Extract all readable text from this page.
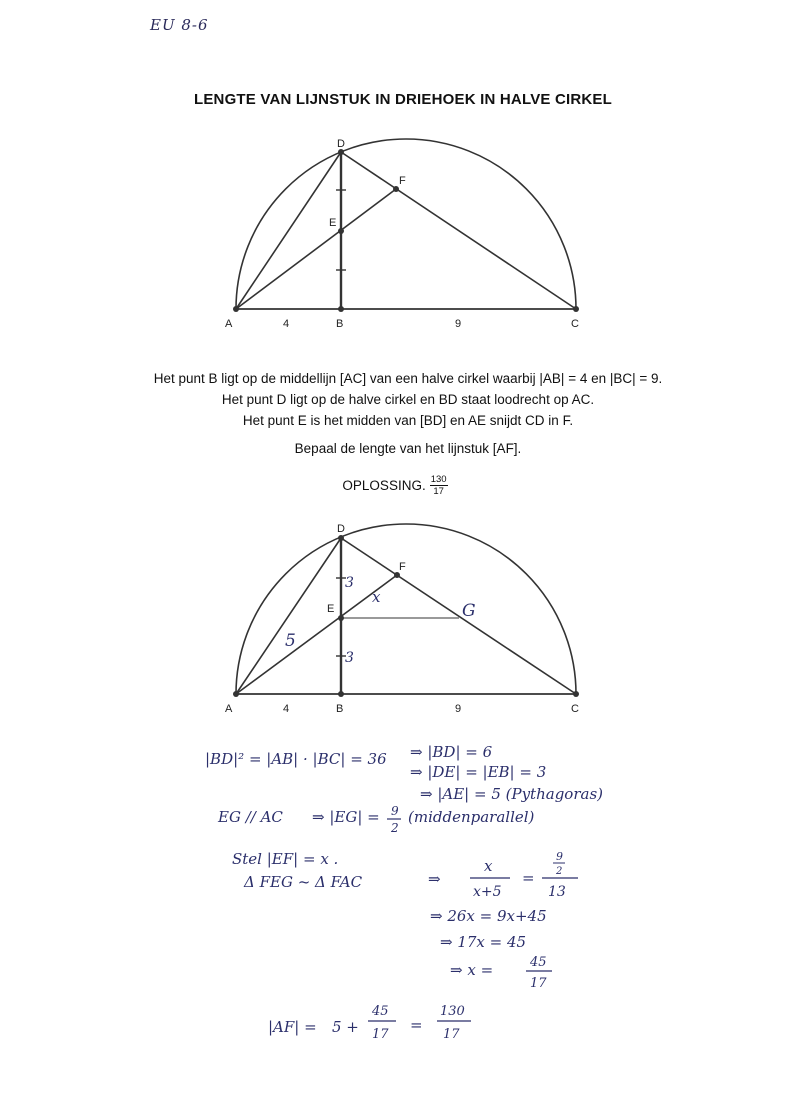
EU 8-6
LENGTE VAN LIJNSTUK IN DRIEHOEK IN HALVE CIRKEL
A	B	C
D
E
F
4	9
A	B	C
D
E
F
4	9
3
3
5
x
G
|BD|² = |AB| · |BC| = 36 ⇒ |BD| = 6
⇒ |DE| = |EB| = 3
⇒ |AE| = 5 (Pythagoras)
EG // AC ⇒ |EG| = 9
2
(middenparallel)
Stel |EF| = x .
Δ FEG ~ Δ FAC	⇒
x
x+5
=
9
2
13
⇒ 26x = 9x+45
⇒ 17x = 45
⇒ x =	45
17
|AF| = 5 +
45
17
=
130
17

Het punt B ligt op de middellijn [AC] van een halve cirkel waarbij |AB| = 4 en |BC| = 9.

Het punt D ligt op de halve cirkel en BD staat loodrecht op AC.

Het punt E is het midden van [BD] en AE snijdt CD in F.

Bepaal de lengte van het lijnstuk [AF].
OPLOSSING. $\frac{130}{17}$
